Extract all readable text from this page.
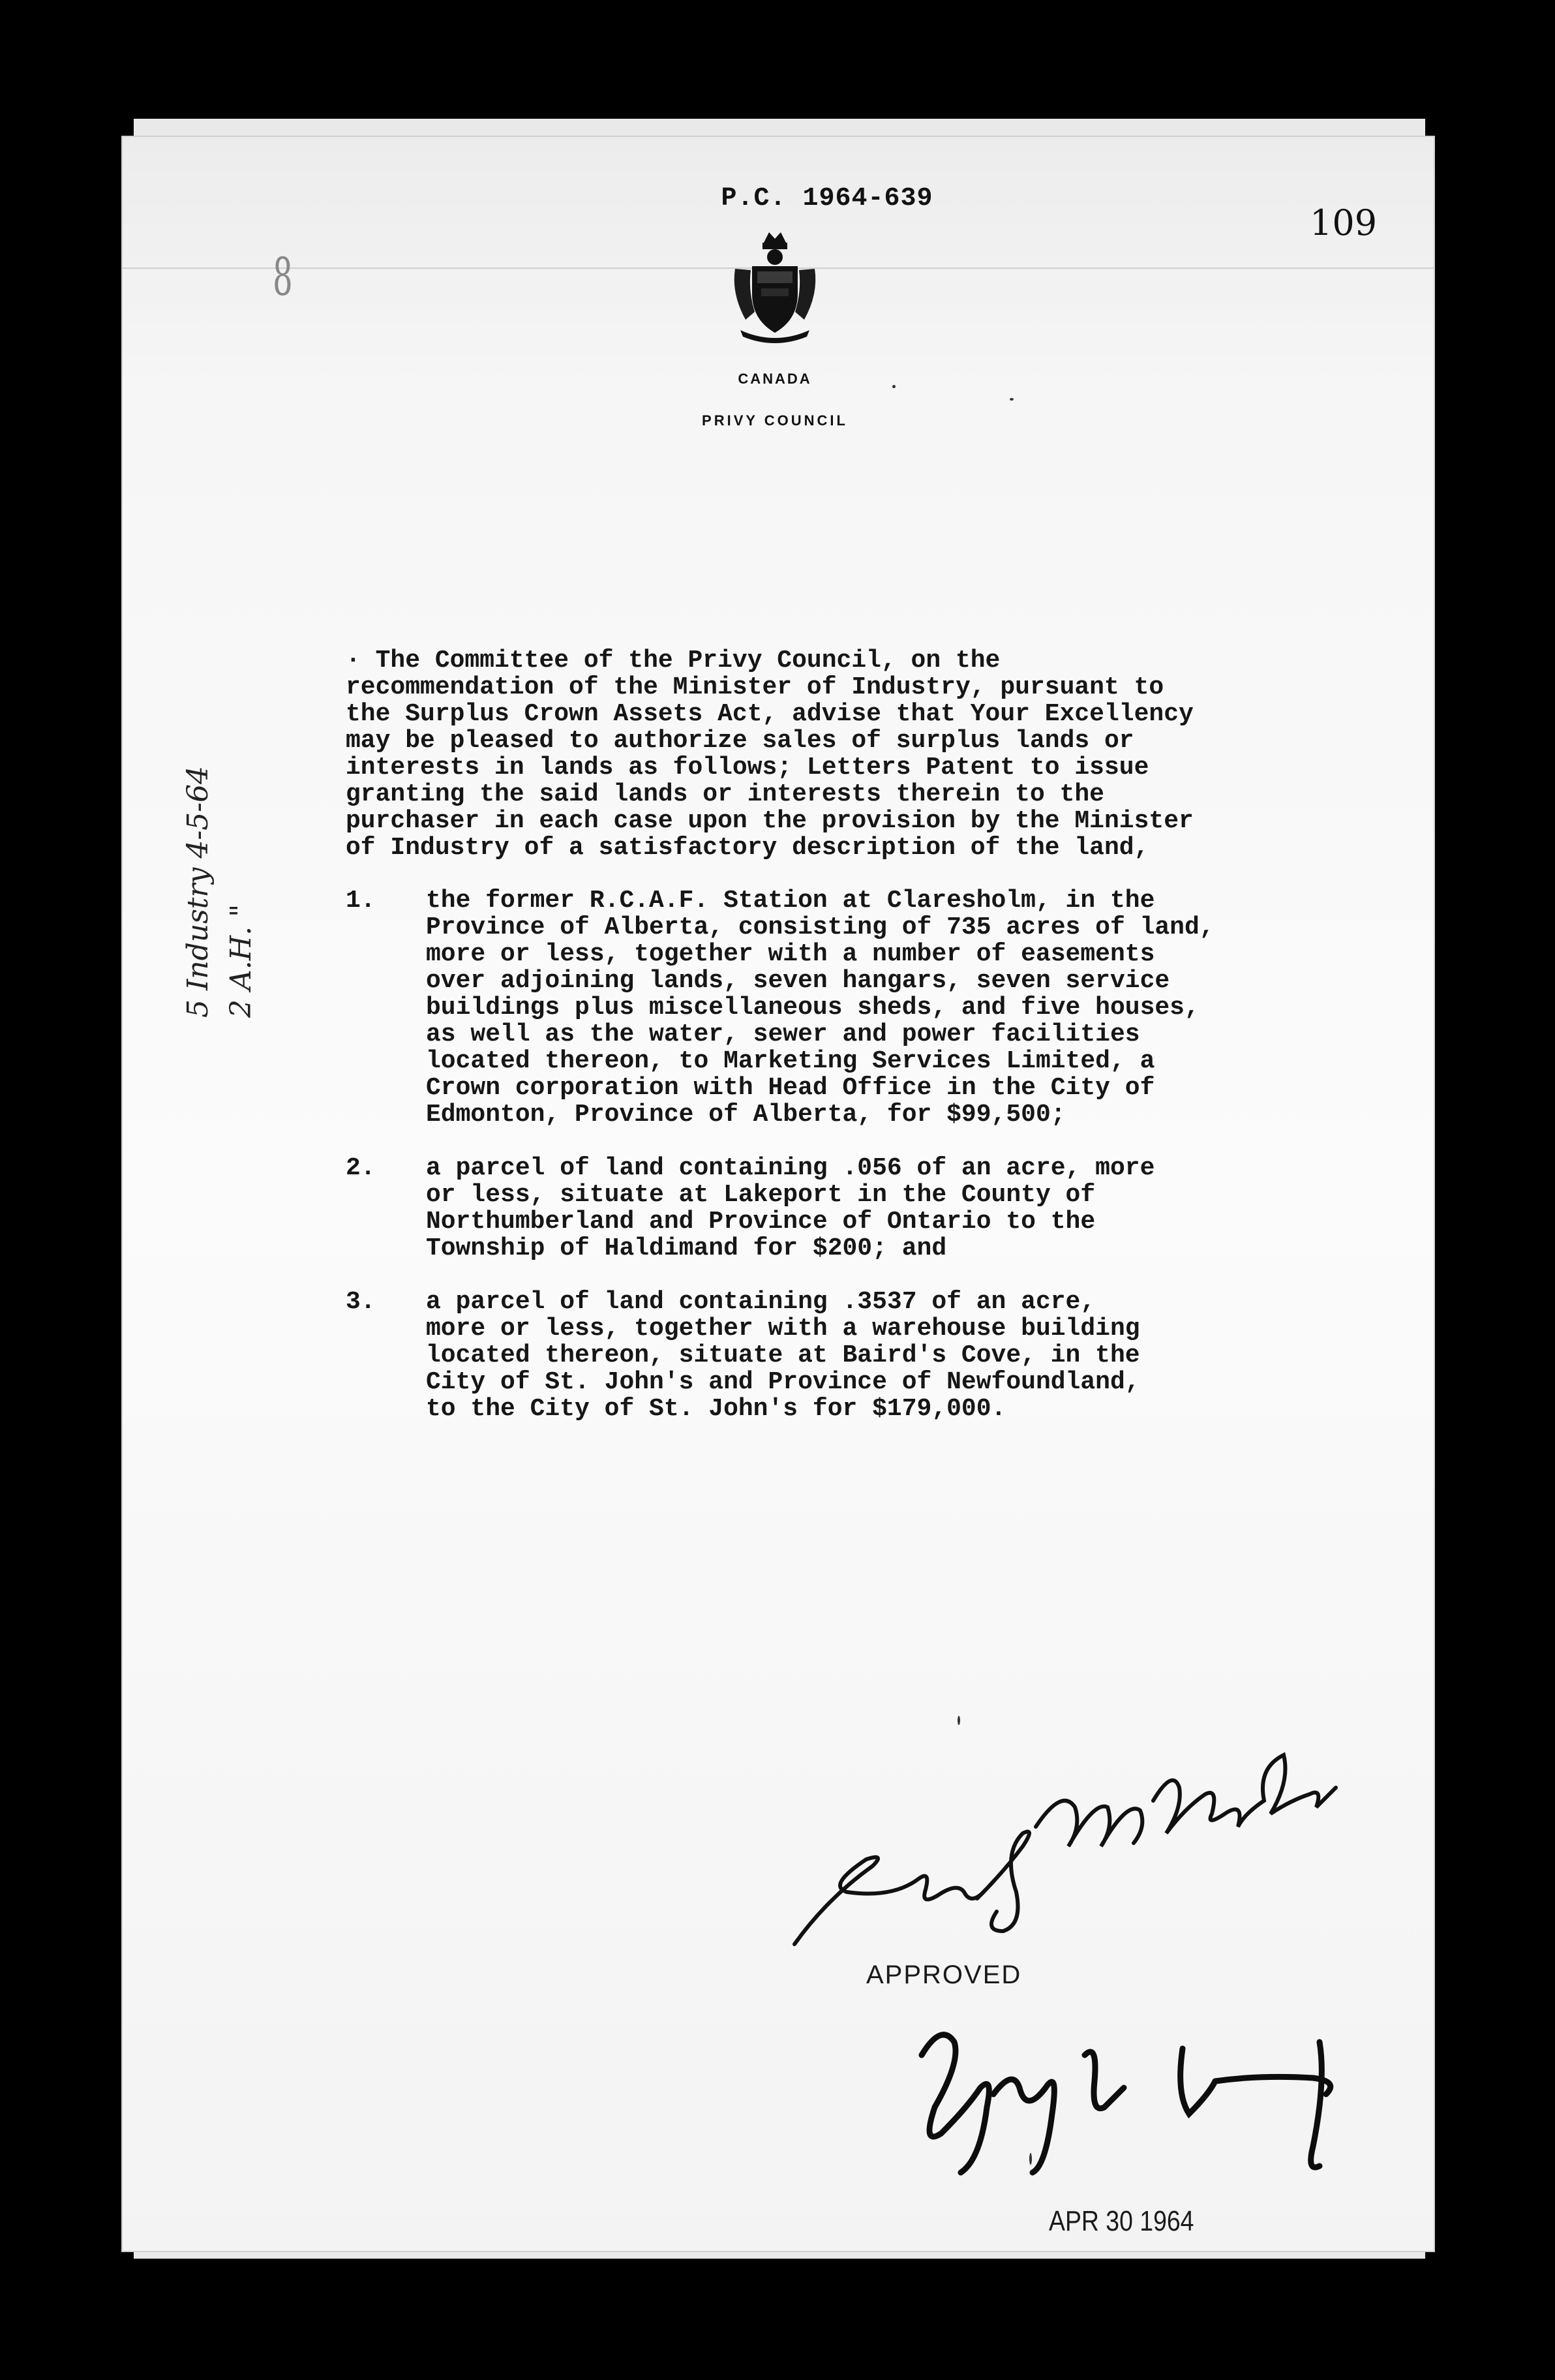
P.C. 1964-639
109
8
CANADA
PRIVY COUNCIL
· The Committee of the Privy Council, on the
recommendation of the Minister of Industry, pursuant to
the Surplus Crown Assets Act, advise that Your Excellency
may be pleased to authorize sales of surplus lands or
interests in lands as follows; Letters Patent to issue
granting the said lands or interests therein to the
purchaser in each case upon the provision by the Minister
of Industry of a satisfactory description of the land,
1. the former R.C.A.F. Station at Claresholm, in the
Province of Alberta, consisting of 735 acres of land,
more or less, together with a number of easements
over adjoining lands, seven hangars, seven service
buildings plus miscellaneous sheds, and five houses,
as well as the water, sewer and power facilities
located thereon, to Marketing Services Limited, a
Crown corporation with Head Office in the City of
Edmonton, Province of Alberta, for $99,500;
2. a parcel of land containing .056 of an acre, more
or less, situate at Lakeport in the County of
Northumberland and Province of Ontario to the
Township of Haldimand for $200; and
3. a parcel of land containing .3537 of an acre,
more or less, together with a warehouse building
located thereon, situate at Baird's Cove, in the
City of St. John's and Province of Newfoundland,
to the City of St. John's for $179,000.
5 Industry 4-5-64 2 A.H. "
APPROVED
APR 30 1964
